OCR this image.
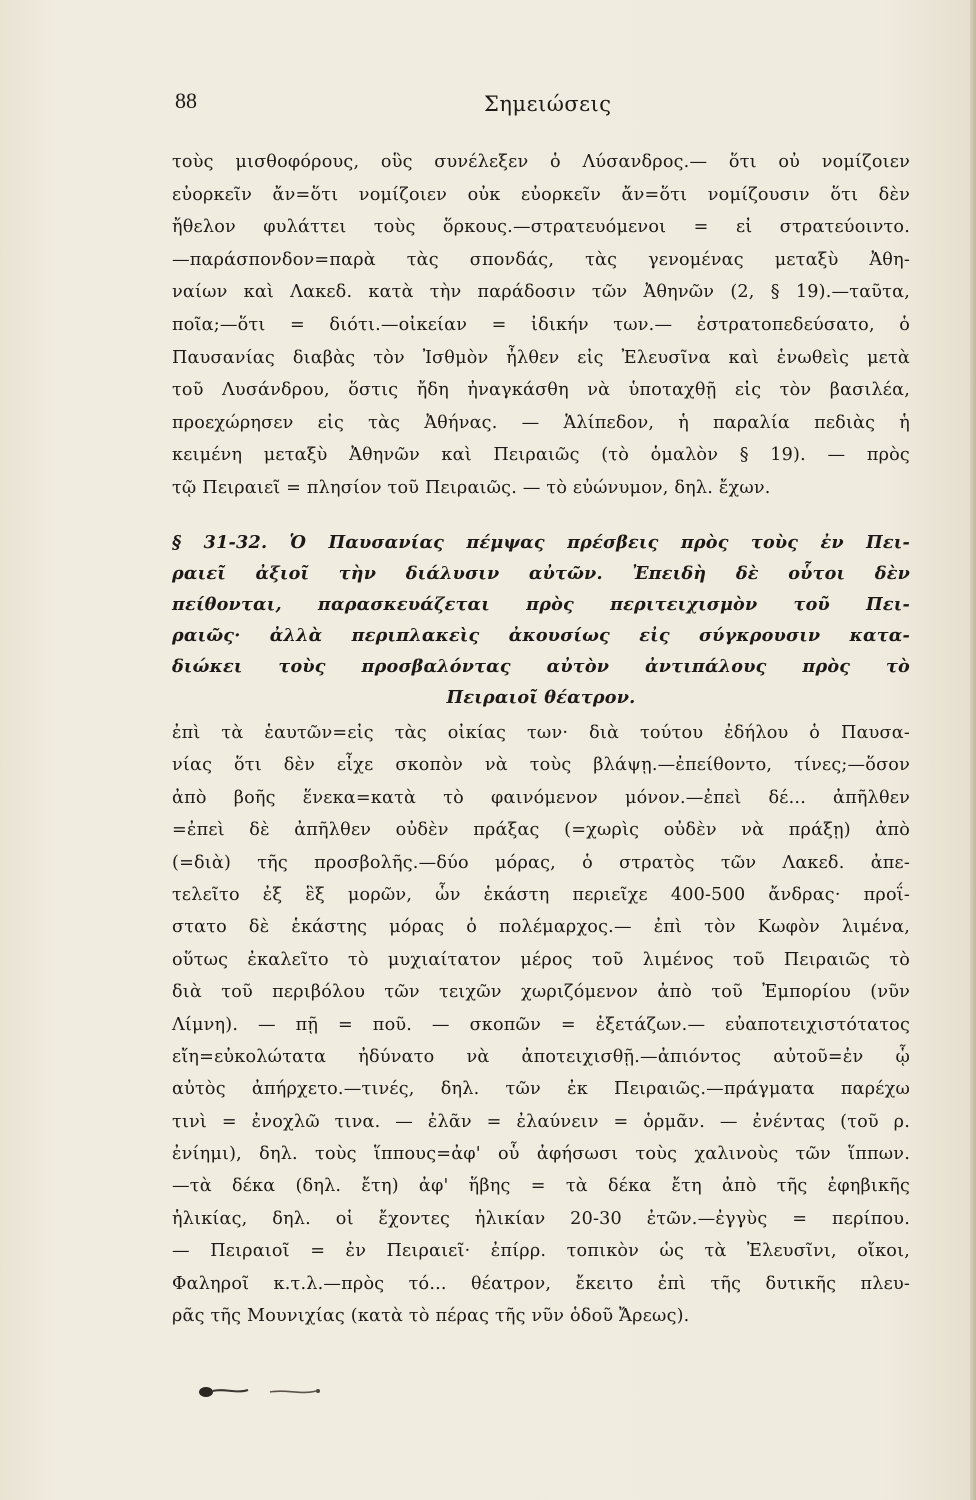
88	Σημειώσεις
τοὺς μισθοφόρους, οὓς συνέλεξεν ὁ Λύσανδρος.— ὅτι οὐ νομίζοιεν
εὐορκεῖν ἄν=ὅτι νομίζοιεν οὐκ εὐορκεῖν ἄν=ὅτι νομίζουσιν ὅτι δὲν
ἤθελον φυλάττει τοὺς ὅρκους.—στρατευόμενοι = εἰ στρατεύοιντο.
—παράσπονδον=παρὰ τὰς σπονδάς, τὰς γενομένας μεταξὺ Ἀθη-
ναίων καὶ Λακεδ. κατὰ τὴν παράδοσιν τῶν Ἀθηνῶν (2, § 19).—ταῦτα,
ποῖα;—ὅτι = διότι.—οἰκείαν = ἰδικήν των.— ἐστρατοπεδεύσατο, ὁ
Παυσανίας διαβὰς τὸν Ἰσθμὸν ἦλθεν εἰς Ἐλευσῖνα καὶ ἑνωθεὶς μετὰ
τοῦ Λυσάνδρου, ὅστις ἤδη ἠναγκάσθη νὰ ὑποταχθῇ εἰς τὸν βασιλέα,
προεχώρησεν εἰς τὰς Ἀθήνας. — Ἁλίπεδον, ἡ παραλία πεδιὰς ἡ
κειμένη μεταξὺ Ἀθηνῶν καὶ Πειραιῶς (τὸ ὁμαλὸν § 19). — πρὸς
τῷ Πειραιεῖ = πλησίον τοῦ Πειραιῶς. — τὸ εὐώνυμον, δηλ. ἔχων.
§ 31-32. Ὁ Παυσανίας πέμψας πρέσβεις πρὸς τοὺς ἐν Πει-
ραιεῖ ἀξιοῖ τὴν διάλυσιν αὐτῶν. Ἐπειδὴ δὲ οὗτοι δὲν
πείθονται, παρασκευάζεται πρὸς περιτειχισμὸν τοῦ Πει-
ραιῶς· ἀλλὰ περιπλακεὶς ἀκουσίως εἰς σύγκρουσιν κατα-
διώκει τοὺς προσβαλόντας αὐτὸν ἀντιπάλους πρὸς τὸ
Πειραιοῖ θέατρον.
ἐπὶ τὰ ἑαυτῶν=εἰς τὰς οἰκίας των· διὰ τούτου ἐδήλου ὁ Παυσα-
νίας ὅτι δὲν εἶχε σκοπὸν νὰ τοὺς βλάψῃ.—ἐπείθοντο, τίνες;—ὅσον
ἀπὸ βοῆς ἕνεκα=κατὰ τὸ φαινόμενον μόνον.—ἐπεὶ δέ... ἀπῆλθεν
=ἐπεὶ δὲ ἀπῆλθεν οὐδὲν πράξας (=χωρὶς οὐδὲν νὰ πράξῃ) ἀπὸ
(=διὰ) τῆς προσβολῆς.—δύο μόρας, ὁ στρατὸς τῶν Λακεδ. ἀπε-
τελεῖτο ἐξ ἓξ μορῶν, ὧν ἑκάστη περιεῖχε 400-500 ἄνδρας· προΐ-
στατο δὲ ἑκάστης μόρας ὁ πολέμαρχος.— ἐπὶ τὸν Κωφὸν λιμένα,
οὕτως ἐκαλεῖτο τὸ μυχιαίτατον μέρος τοῦ λιμένος τοῦ Πειραιῶς τὸ
διὰ τοῦ περιβόλου τῶν τειχῶν χωριζόμενον ἀπὸ τοῦ Ἐμπορίου (νῦν
Λίμνη). — πῇ = ποῦ. — σκοπῶν = ἐξετάζων.— εὐαποτειχιστότατος
εἴη=εὐκολώτατα ἠδύνατο νὰ ἀποτειχισθῇ.—ἀπιόντος αὐτοῦ=ἐν ᾧ
αὐτὸς ἀπήρχετο.—τινές, δηλ. τῶν ἐκ Πειραιῶς.—πράγματα παρέχω
τινὶ = ἐνοχλῶ τινα. — ἐλᾶν = ἐλαύνειν = ὁρμᾶν. — ἐνέντας (τοῦ ρ.
ἐνίημι), δηλ. τοὺς ἵππους=ἀφ' οὗ ἀφήσωσι τοὺς χαλινοὺς τῶν ἵππων.
—τὰ δέκα (δηλ. ἔτη) ἀφ' ἥβης = τὰ δέκα ἔτη ἀπὸ τῆς ἐφηβικῆς
ἡλικίας, δηλ. οἱ ἔχοντες ἡλικίαν 20-30 ἐτῶν.—ἐγγὺς = περίπου.
— Πειραιοῖ = ἐν Πειραιεῖ· ἐπίρρ. τοπικὸν ὡς τὰ Ἐλευσῖνι, οἴκοι,
Φαληροῖ κ.τ.λ.—πρὸς τό... θέατρον, ἔκειτο ἐπὶ τῆς δυτικῆς πλευ-
ρᾶς τῆς Μουνιχίας (κατὰ τὸ πέρας τῆς νῦν ὁδοῦ Ἄρεως).
